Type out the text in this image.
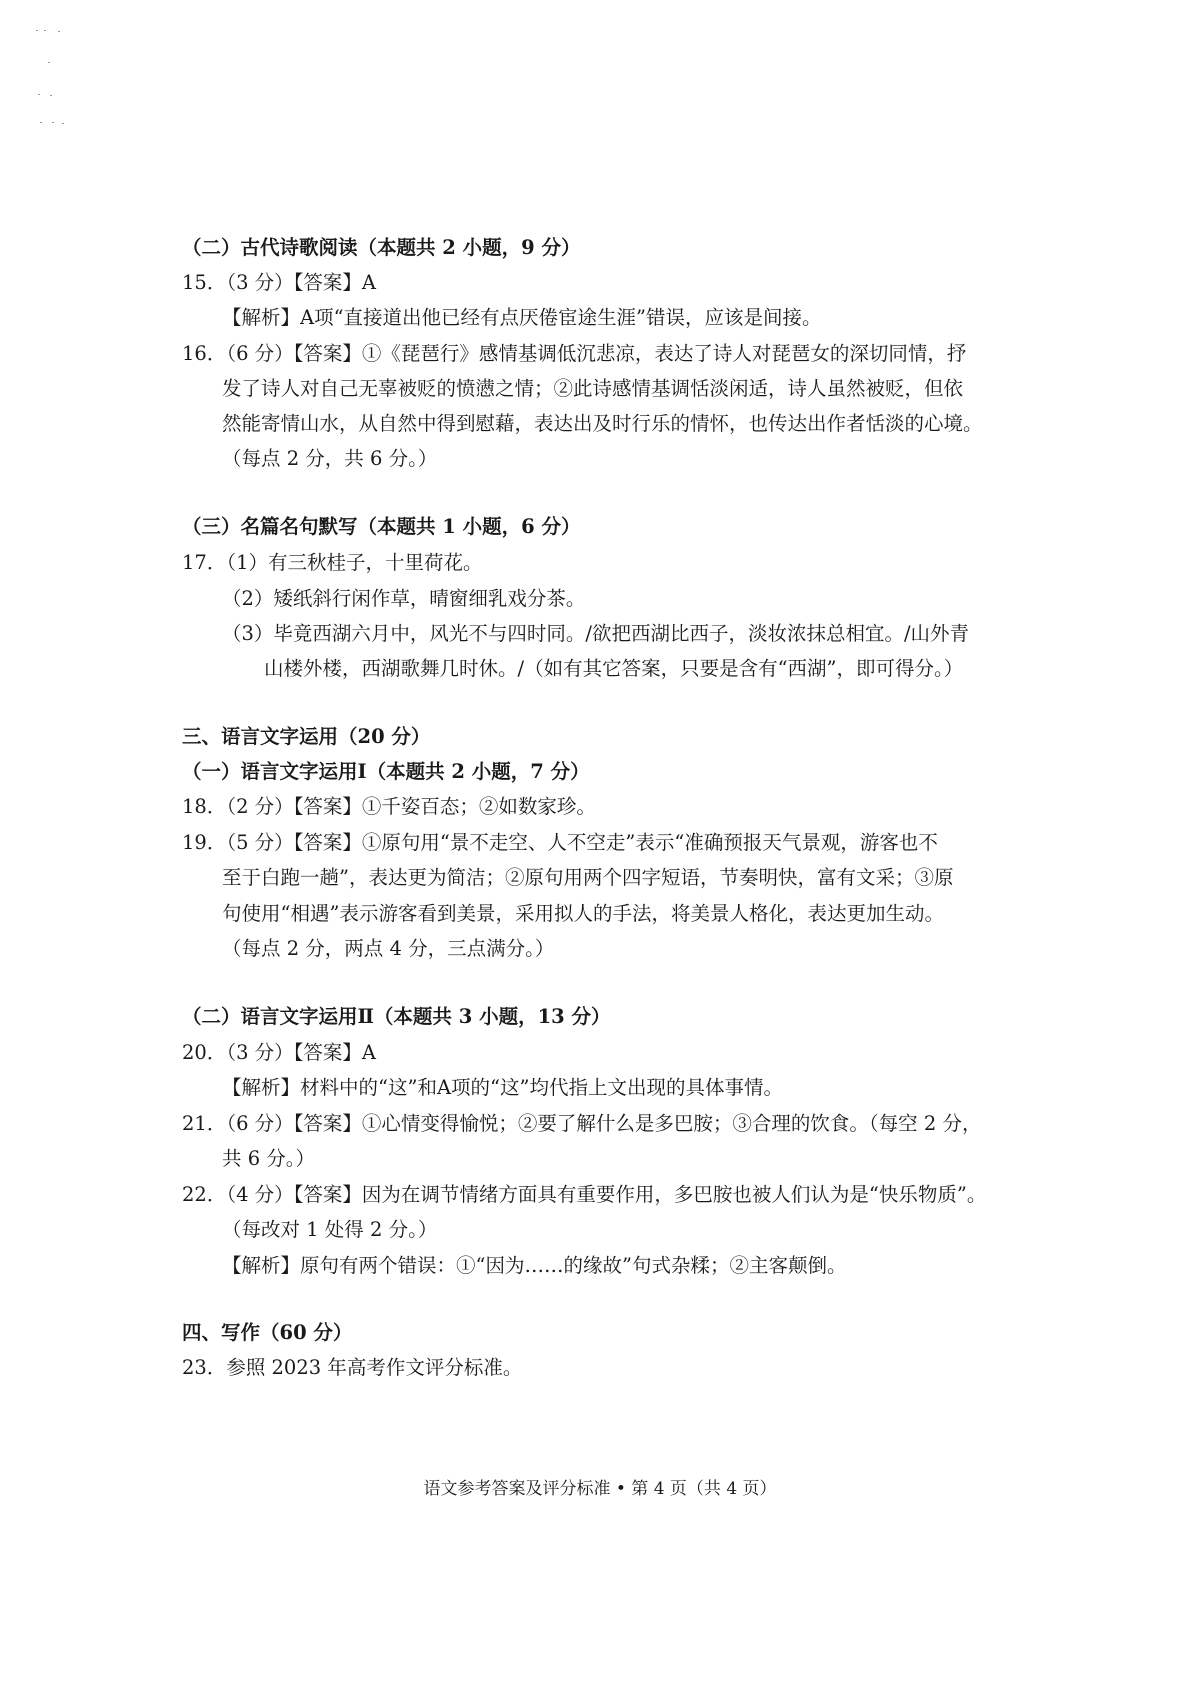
（二）古代诗歌阅读（本题共 2 小题，9 分）
15．（3 分）【答案】A
【解析】A项“直接道出他已经有点厌倦宦途生涯”错误，应该是间接。
16．（6 分）【答案】①《琵琶行》感情基调低沉悲凉，表达了诗人对琵琶女的深切同情，抒
发了诗人对自己无辜被贬的愤懑之情；②此诗感情基调恬淡闲适，诗人虽然被贬，但依
然能寄情山水，从自然中得到慰藉，表达出及时行乐的情怀，也传达出作者恬淡的心境。
（每点 2 分，共 6 分。）
（三）名篇名句默写（本题共 1 小题，6 分）
17．（1）有三秋桂子，十里荷花。
（2）矮纸斜行闲作草，晴窗细乳戏分茶。
（3）毕竟西湖六月中，风光不与四时同。/欲把西湖比西子，淡妆浓抹总相宜。/山外青
山楼外楼，西湖歌舞几时休。/（如有其它答案，只要是含有“西湖”，即可得分。）
三、语言文字运用（20 分）
（一）语言文字运用Ⅰ（本题共 2 小题，7 分）
18．（2 分）【答案】①千姿百态；②如数家珍。
19．（5 分）【答案】①原句用“景不走空、人不空走”表示“准确预报天气景观，游客也不
至于白跑一趟”，表达更为简洁；②原句用两个四字短语，节奏明快，富有文采；③原
句使用“相遇”表示游客看到美景，采用拟人的手法，将美景人格化，表达更加生动。
（每点 2 分，两点 4 分，三点满分。）
（二）语言文字运用Ⅱ（本题共 3 小题，13 分）
20．（3 分）【答案】A
【解析】材料中的“这”和A项的“这”均代指上文出现的具体事情。
21．（6 分）【答案】①心情变得愉悦；②要了解什么是多巴胺；③合理的饮食。（每空 2 分，
共 6 分。）
22．（4 分）【答案】因为在调节情绪方面具有重要作用，多巴胺也被人们认为是“快乐物质”。
（每改对 1 处得 2 分。）
【解析】原句有两个错误：①“因为……的缘故”句式杂糅；②主客颠倒。
四、写作（60 分）
23．参照 2023 年高考作文评分标准。
语文参考答案及评分标准 • 第 4 页（共 4 页）
